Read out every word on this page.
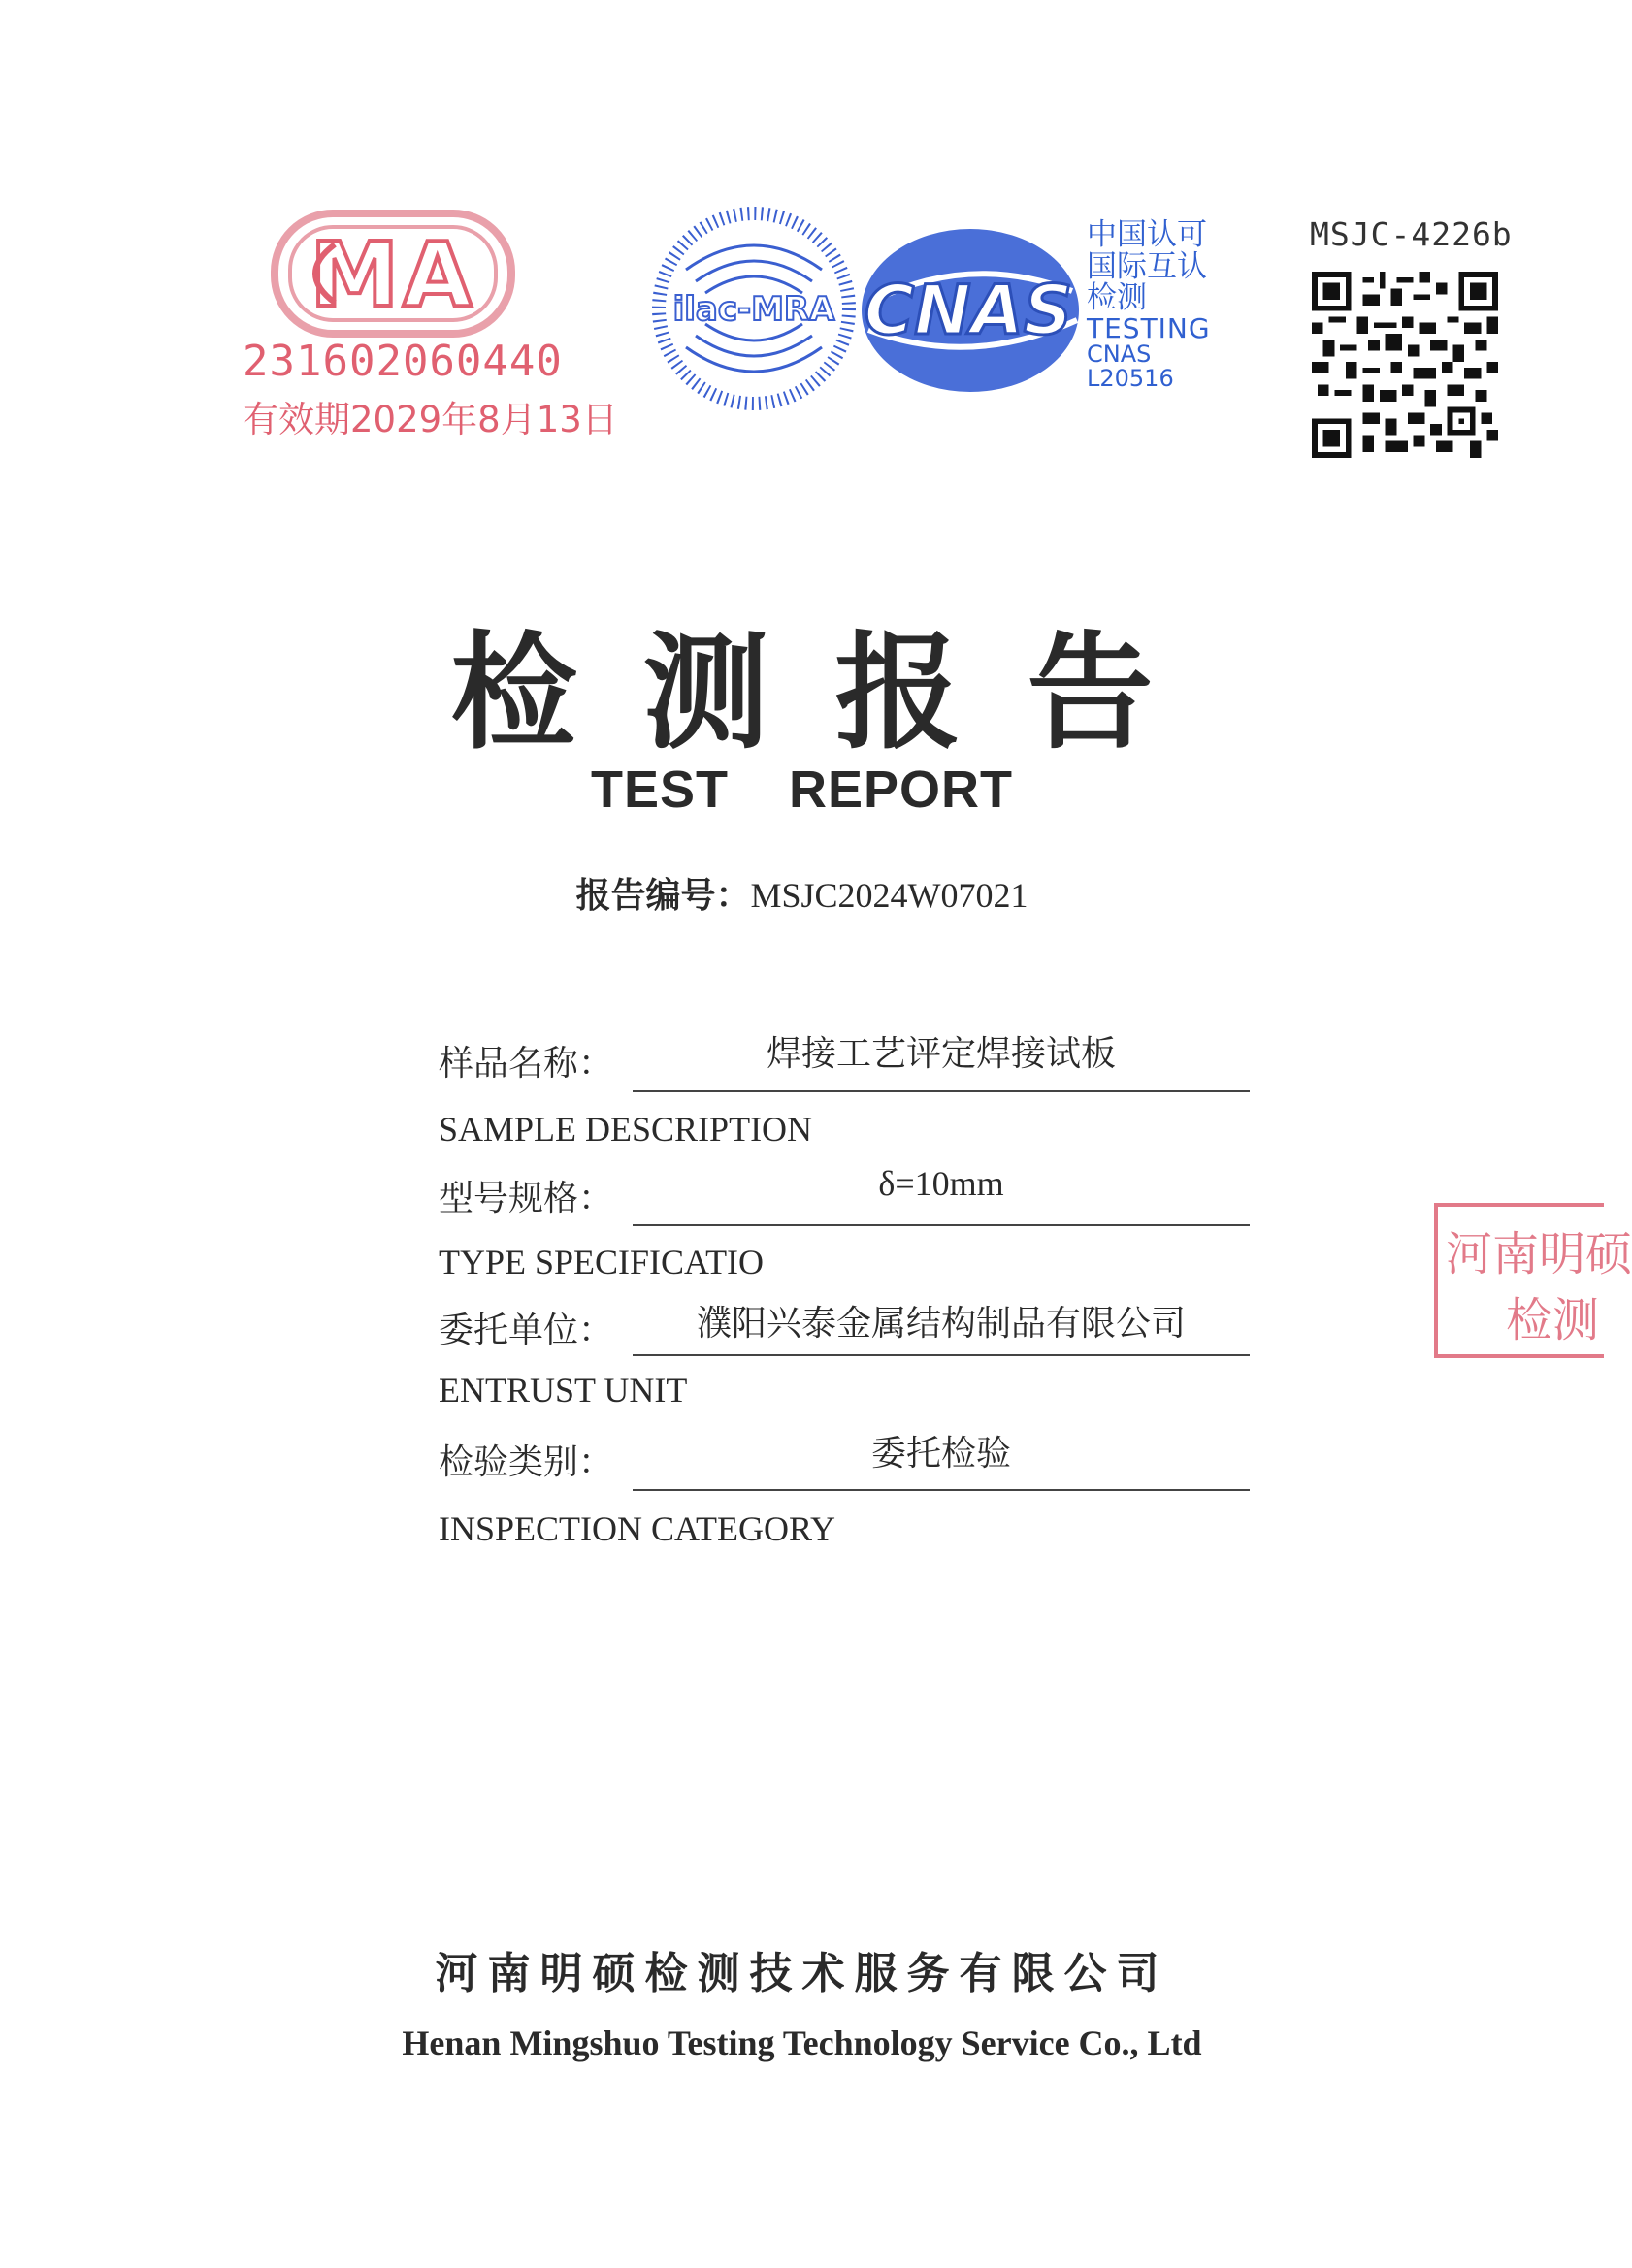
MA
231602060440
有效期2029年8月13日
ilac-MRA CNAS
中国认可
国际互认
检测
TESTING
CNAS L20516
MSJC-4226b
检测报告
TEST REPORT
报告编号：MSJC2024W07021
样品名称：	焊接工艺评定焊接试板
SAMPLE DESCRIPTION
型号规格：	δ=10mm
TYPE SPECIFICATIO
委托单位：	濮阳兴泰金属结构制品有限公司
ENTRUST UNIT
检验类别：	委托检验
INSPECTION CATEGORY
河南明硕
检测
河南明硕检测技术服务有限公司
Henan Mingshuo Testing Technology Service Co., Ltd
